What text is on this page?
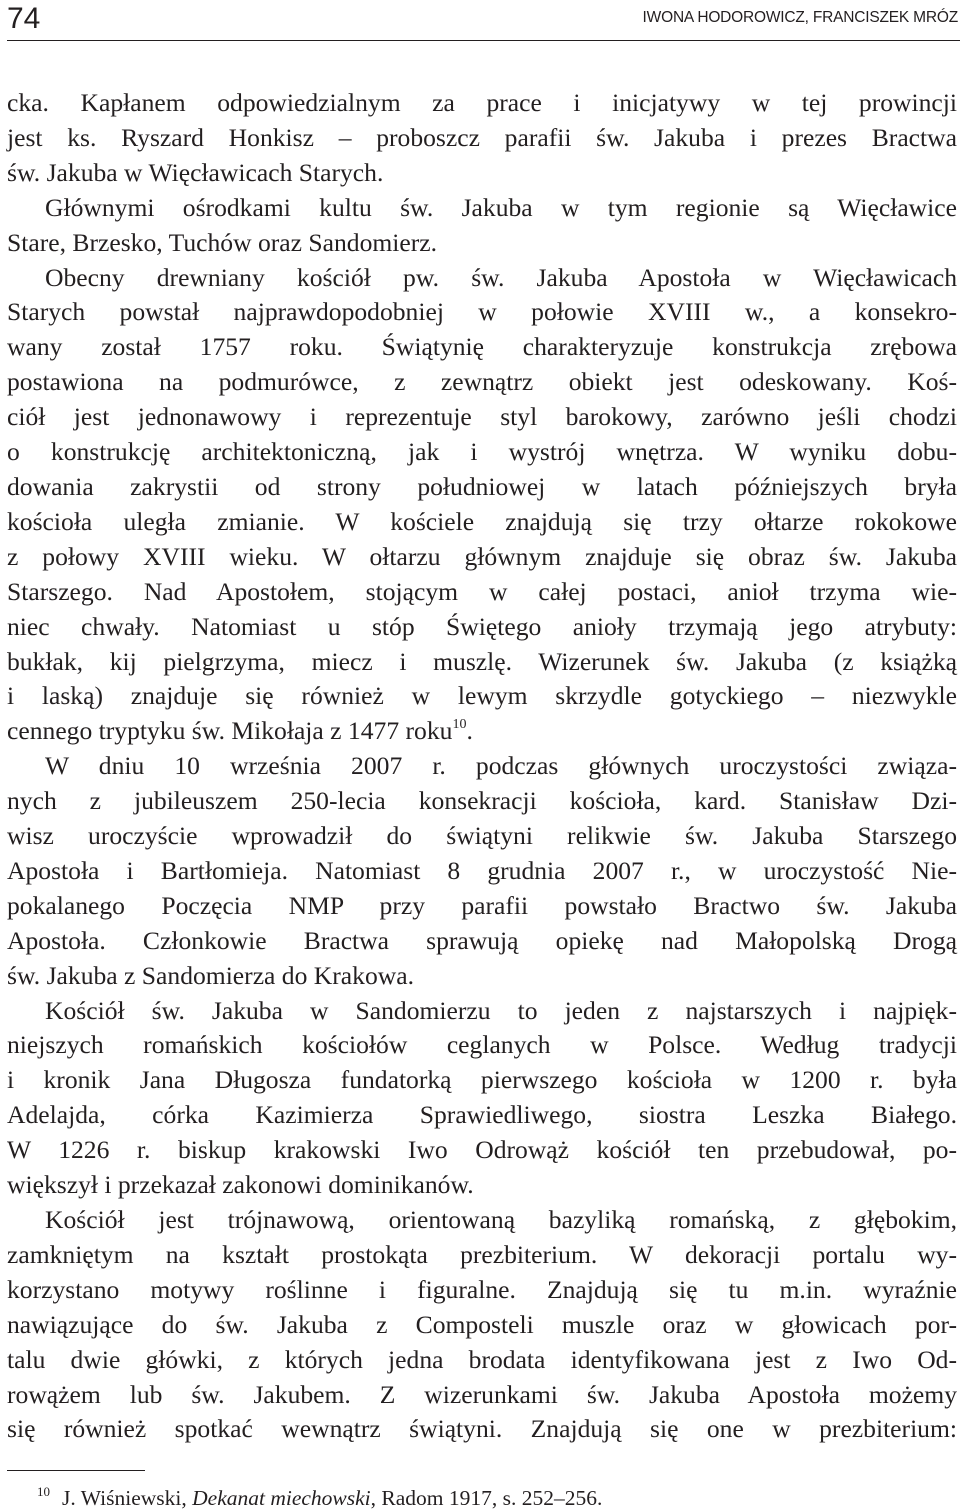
74	IWONA HODOROWICZ, FRANCISZEK MRÓZ

cka. Kapłanem odpowiedzialnym za prace i inicjatywy w tej prowincji

jest ks. Ryszard Honkisz – proboszcz parafii św. Jakuba i prezes Bractwa

św. Jakuba w Więcławicach Starych.

Głównymi ośrodkami kultu św. Jakuba w tym regionie są Więcławice

Stare, Brzesko, Tuchów oraz Sandomierz.

Obecny drewniany kościół pw. św. Jakuba Apostoła w Więcławicach

Starych powstał najprawdopodobniej w połowie XVIII w., a konsekro-

wany został 1757 roku. Świątynię charakteryzuje konstrukcja zrębowa

postawiona na podmurówce, z zewnątrz obiekt jest odeskowany. Koś-

ciół jest jednonawowy i reprezentuje styl barokowy, zarówno jeśli chodzi

o konstrukcję architektoniczną, jak i wystrój wnętrza. W wyniku dobu-

dowania zakrystii od strony południowej w latach późniejszych bryła

kościoła uległa zmianie. W kościele znajdują się trzy ołtarze rokokowe

z połowy XVIII wieku. W ołtarzu głównym znajduje się obraz św. Jakuba

Starszego. Nad Apostołem, stojącym w całej postaci, anioł trzyma wie-

niec chwały. Natomiast u stóp Świętego anioły trzymają jego atrybuty:

bukłak, kij pielgrzyma, miecz i muszlę. Wizerunek św. Jakuba (z książką

i laską) znajduje się również w lewym skrzydle gotyckiego – niezwykle

cennego tryptyku św. Mikołaja z 1477 roku$^{10}$.

W dniu 10 września 2007 r. podczas głównych uroczystości związa-

nych z jubileuszem 250-lecia konsekracji kościoła, kard. Stanisław Dzi-

wisz uroczyście wprowadził do świątyni relikwie św. Jakuba Starszego

Apostoła i Bartłomieja. Natomiast 8 grudnia 2007 r., w uroczystość Nie-

pokalanego Poczęcia NMP przy parafii powstało Bractwo św. Jakuba

Apostoła. Członkowie Bractwa sprawują opiekę nad Małopolską Drogą

św. Jakuba z Sandomierza do Krakowa.

Kościół św. Jakuba w Sandomierzu to jeden z najstarszych i najpięk-

niejszych romańskich kościołów ceglanych w Polsce. Według tradycji

i kronik Jana Długosza fundatorką pierwszego kościoła w 1200 r. była

Adelajda, córka Kazimierza Sprawiedliwego, siostra Leszka Białego.

W 1226 r. biskup krakowski Iwo Odrowąż kościół ten przebudował, po-

większył i przekazał zakonowi dominikanów.

Kościół jest trójnawową, orientowaną bazyliką romańską, z głębokim,

zamkniętym na kształt prostokąta prezbiterium. W dekoracji portalu wy-

korzystano motywy roślinne i figuralne. Znajdują się tu m.in. wyraźnie

nawiązujące do św. Jakuba z Composteli muszle oraz w głowicach por-

talu dwie główki, z których jedna brodata identyfikowana jest z Iwo Od-

rowążem lub św. Jakubem. Z wizerunkami św. Jakuba Apostoła możemy

się również spotkać wewnątrz świątyni. Znajdują się one w prezbiterium:

$^{10}$ J. Wiśniewski, Dekanat miechowski, Radom 1917, s. 252–256.
